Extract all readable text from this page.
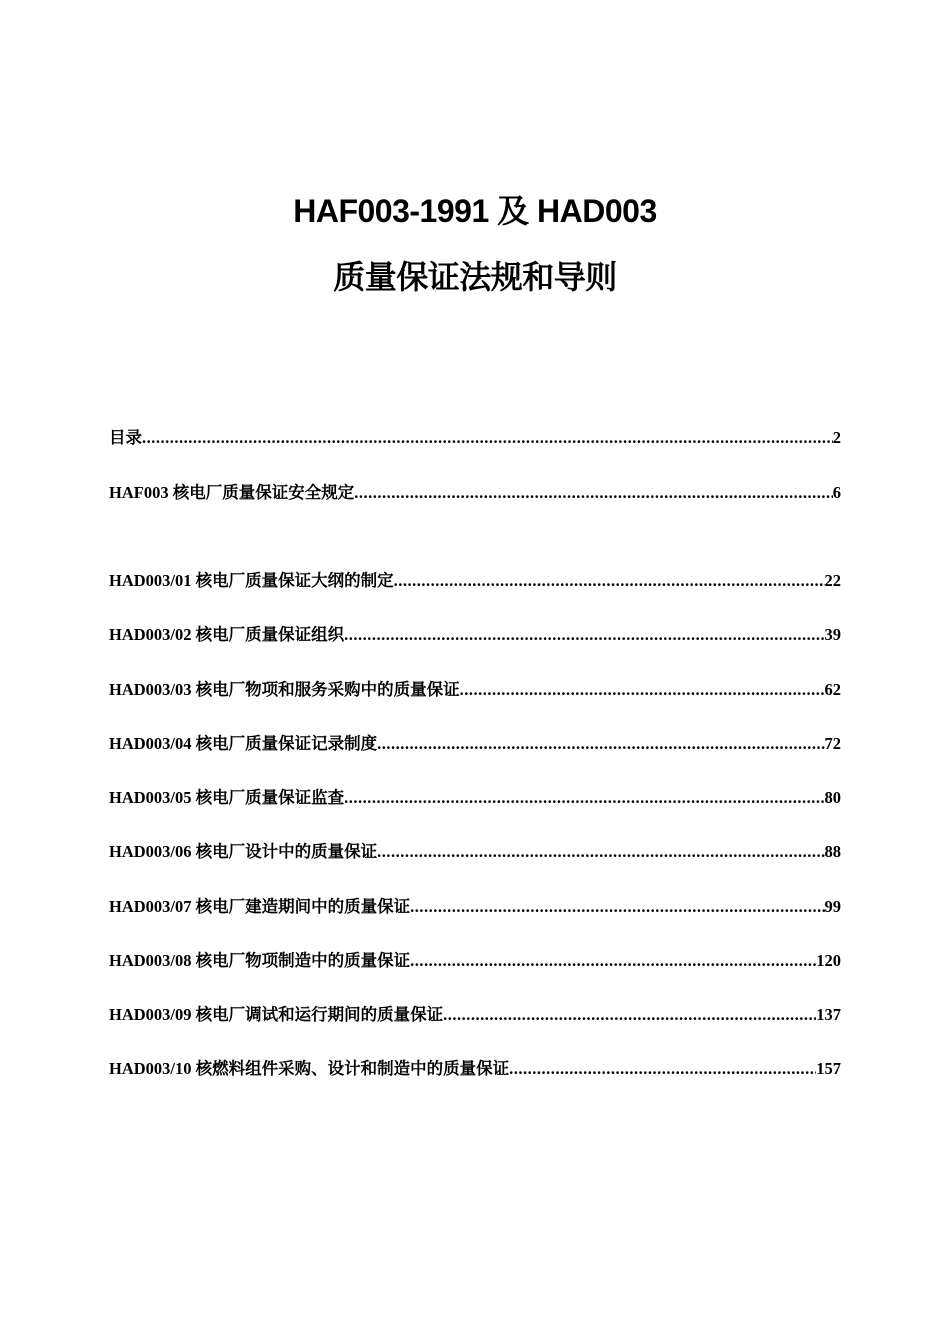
HAF003-1991 及 HAD003
质量保证法规和导则
目录 .....	2
HAF003 核电厂质量保证安全规定 .....	6
HAD003/01 核电厂质量保证大纲的制定 .....	22
HAD003/02 核电厂质量保证组织 .....	39
HAD003/03 核电厂物项和服务采购中的质量保证 .....	62
HAD003/04 核电厂质量保证记录制度 .....	72
HAD003/05 核电厂质量保证监查 .....	80
HAD003/06 核电厂设计中的质量保证 .....	88
HAD003/07 核电厂建造期间中的质量保证 .....	99
HAD003/08 核电厂物项制造中的质量保证 .....	120
HAD003/09 核电厂调试和运行期间的质量保证 .....	137
HAD003/10 核燃料组件采购、设计和制造中的质量保证 .....	157
